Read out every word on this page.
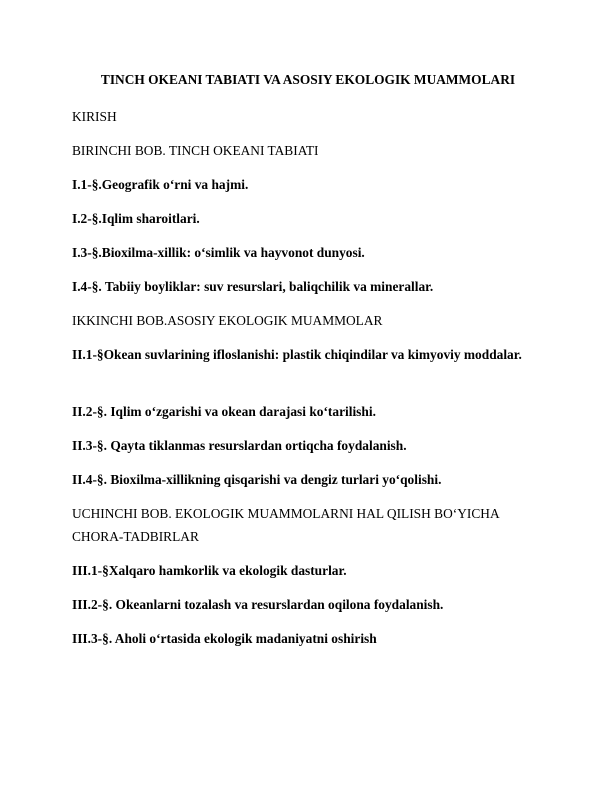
TINCH OKEANI TABIATI VA ASOSIY EKOLOGIK MUAMMOLARI
KIRISH
BIRINCHI BOB. TINCH OKEANI TABIATI
I.1-§.Geografik o‘rni va hajmi.
I.2-§.Iqlim sharoitlari.
I.3-§.Bioxilma-xillik: o‘simlik va hayvonot dunyosi.
I.4-§. Tabiiy boyliklar: suv resurslari, baliqchilik va minerallar.
IKKINCHI BOB.ASOSIY EKOLOGIK MUAMMOLAR
II.1-§Okean suvlarining ifloslanishi: plastik chiqindilar va kimyoviy moddalar.
II.2-§. Iqlim o‘zgarishi va okean darajasi ko‘tarilishi.
II.3-§. Qayta tiklanmas resurslardan ortiqcha foydalanish.
II.4-§. Bioxilma-xillikning qisqarishi va dengiz turlari yo‘qolishi.
UCHINCHI BOB. EKOLOGIK MUAMMOLARNI HAL QILISH BO‘YICHA CHORA-TADBIRLAR
III.1-§Xalqaro hamkorlik va ekologik dasturlar.
III.2-§. Okeanlarni tozalash va resurslardan oqilona foydalanish.
III.3-§. Aholi o‘rtasida ekologik madaniyatni oshirish
